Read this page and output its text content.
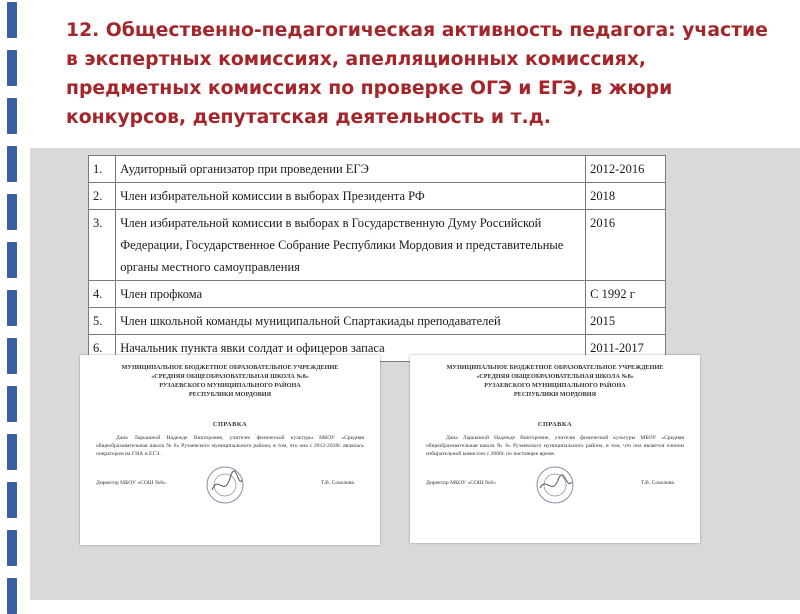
12. Общественно-педагогическая активность педагога: участие в экспертных комиссиях, апелляционных комиссиях, предметных комиссиях по проверке ОГЭ и ЕГЭ, в жюри конкурсов, депутатская деятельность и т.д.
1.	Аудиторный организатор при проведении ЕГЭ	2012-2016
2.	Член избирательной комиссии в выборах Президента РФ	2018
3.	Член избирательной комиссии в выборах в Государственную Думу Российской Федерации, Государственное Собрание Республики Мордовия и представительные органы местного самоуправления	2016
4.	Член профкома	С 1992 г
5.	Член школьной команды муниципальной Спартакиады преподавателей	2015
6.	Начальник пункта явки солдат и офицеров запаса	2011-2017
МУНИЦИПАЛЬНОЕ БЮДЖЕТНОЕ ОБРАЗОВАТЕЛЬНОЕ УЧРЕЖДЕНИЕ
«СРЕДНЯЯ ОБЩЕОБРАЗОВАТЕЛЬНАЯ ШКОЛА №8»
РУЗАЕВСКОГО МУНИЦИПАЛЬНОГО РАЙОНА
РЕСПУБЛИКИ МОРДОВИЯ
СПРАВКА
Дана Ларькиной Надежде Викторовне, учителю физической культуры МБОУ «Средняя общеобразовательная школа № 8» Рузаевского муниципального района, в том, что она с 2012-2018г. являлась оператором на ГИА и ЕГЭ.
Директор МБОУ «СОШ №8»	Т.В. Соколова
МУНИЦИПАЛЬНОЕ БЮДЖЕТНОЕ ОБРАЗОВАТЕЛЬНОЕ УЧРЕЖДЕНИЕ
«СРЕДНЯЯ ОБЩЕОБРАЗОВАТЕЛЬНАЯ ШКОЛА №8»
РУЗАЕВСКОГО МУНИЦИПАЛЬНОГО РАЙОНА
РЕСПУБЛИКИ МОРДОВИЯ
СПРАВКА
Дана Ларькиной Надежде Викторовне, учителю физической культуры МБОУ «Средняя общеобразовательная школа № 8» Рузаевского муниципального района, в том, что она является членом избирательной комиссии с 2000г. по настоящее время.
Директор МБОУ «СОШ №8»	Т.В. Соколова
